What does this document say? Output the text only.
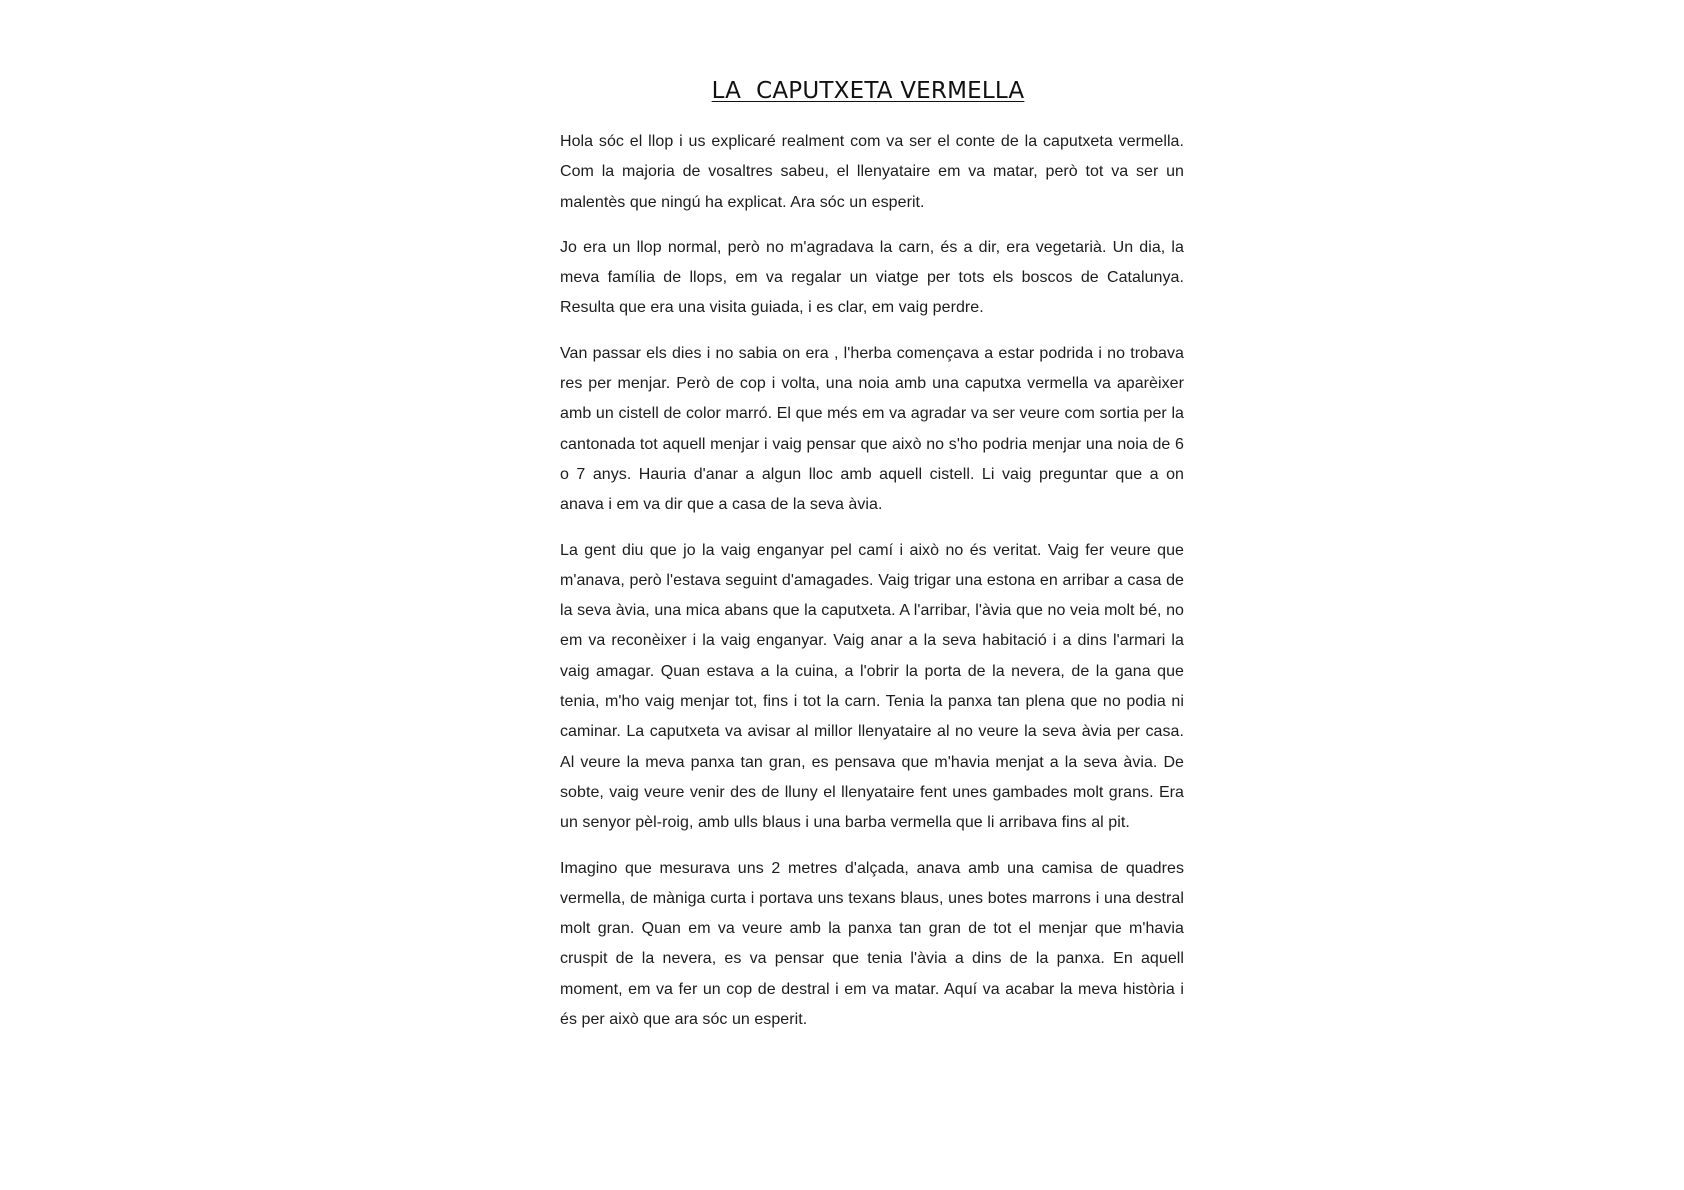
LA  CAPUTXETA VERMELLA

Hola sóc el llop i us explicaré realment com va ser el conte de la caputxeta vermella. Com la majoria de vosaltres sabeu, el llenyataire em va matar, però tot va ser un malentès que ningú ha explicat. Ara sóc un esperit.

Jo era un llop normal, però no m'agradava la carn, és a dir, era vegetarià. Un dia, la meva família de llops, em va regalar un viatge per tots els boscos de Catalunya. Resulta que era una visita guiada, i es clar, em vaig perdre.

Van passar els dies i no sabia on era , l'herba començava a estar podrida i no trobava res per menjar. Però de cop i volta, una noia amb una caputxa vermella va aparèixer amb un cistell de color marró. El que més em va agradar va ser veure com sortia per la cantonada tot aquell menjar i vaig pensar que això no s'ho podria menjar una noia de 6 o 7 anys. Hauria d'anar a algun lloc amb aquell cistell. Li vaig preguntar que a on anava i em va dir que a casa de la seva àvia.

La gent diu que jo la vaig enganyar pel camí i això no és veritat. Vaig fer veure que m'anava, però l'estava seguint d'amagades. Vaig trigar una estona en arribar a casa de la seva àvia, una mica abans que la caputxeta. A l'arribar, l'àvia que no veia molt bé, no em va reconèixer i la vaig enganyar. Vaig anar a la seva habitació i a dins l'armari la vaig amagar. Quan estava a la cuina, a l'obrir la porta de la nevera, de la gana que tenia, m'ho vaig menjar tot, fins i tot la carn. Tenia la panxa tan plena que no podia ni caminar. La caputxeta va avisar al millor llenyataire al no veure la seva àvia per casa. Al veure la meva panxa tan gran, es pensava que m'havia menjat a la seva àvia. De sobte, vaig veure venir des de lluny el llenyataire fent unes gambades molt grans. Era un senyor pèl-roig, amb ulls blaus i una barba vermella que li arribava fins al pit.

Imagino que mesurava uns 2 metres d'alçada, anava amb una camisa de quadres vermella, de màniga curta i portava uns texans blaus, unes botes marrons i una destral molt gran. Quan em va veure amb la panxa tan gran de tot el menjar que m'havia cruspit de la nevera, es va pensar que tenia l'àvia a dins de la panxa. En aquell moment, em va fer un cop de destral i em va matar. Aquí va acabar la meva història i és per això que ara sóc un esperit.
